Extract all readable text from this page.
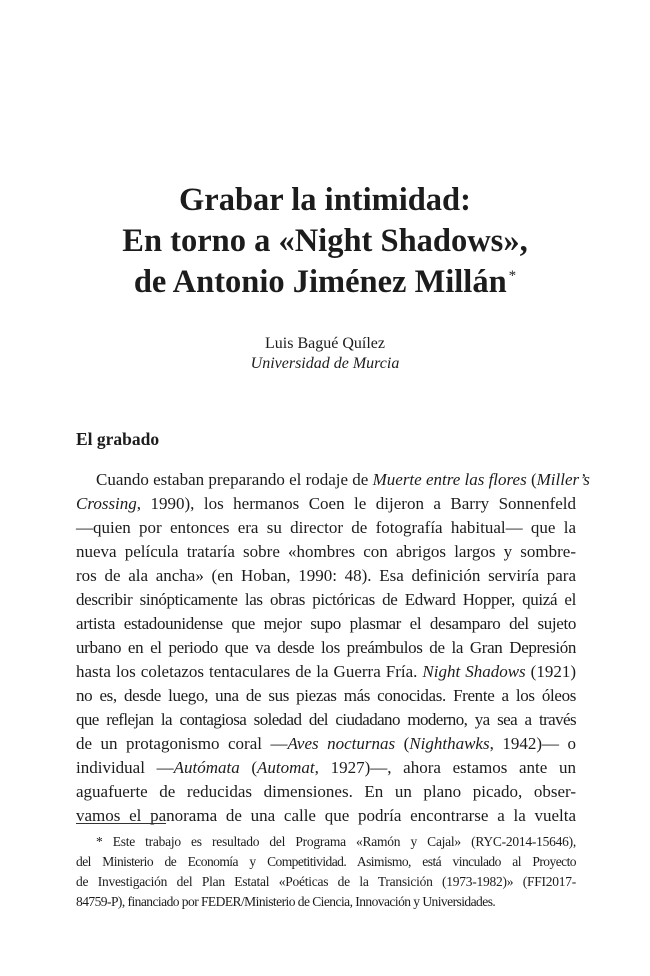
Grabar la intimidad:
En torno a «Night Shadows»,
de Antonio Jiménez Millán *
Luis Bagué Quílez
Universidad de Murcia
El grabado
Cuando estaban preparando el rodaje de Muerte entre las flores (Miller’s
Crossing, 1990), los hermanos Coen le dijeron a Barry Sonnenfeld
—quien por entonces era su director de fotografía habitual— que la
nueva película trataría sobre «hombres con abrigos largos y sombre-
ros de ala ancha» (en Hoban, 1990: 48). Esa definición serviría para
describir sinópticamente las obras pictóricas de Edward Hopper, quizá el
artista estadounidense que mejor supo plasmar el desamparo del sujeto
urbano en el periodo que va desde los preámbulos de la Gran Depresión
hasta los coletazos tentaculares de la Guerra Fría. Night Shadows (1921)
no es, desde luego, una de sus piezas más conocidas. Frente a los óleos
que reflejan la contagiosa soledad del ciudadano moderno, ya sea a través
de un protagonismo coral —Aves nocturnas (Nighthawks, 1942)— o
individual —Autómata (Automat, 1927)—, ahora estamos ante un
aguafuerte de reducidas dimensiones. En un plano picado, obser-
vamos el panorama de una calle que podría encontrarse a la vuelta
* Este trabajo es resultado del Programa «Ramón y Cajal» (RYC-2014-15646),
del Ministerio de Economía y Competitividad. Asimismo, está vinculado al Proyecto
de Investigación del Plan Estatal «Poéticas de la Transición (1973-1982)» (FFI2017-
84759-P), financiado por FEDER/Ministerio de Ciencia, Innovación y Universidades.
